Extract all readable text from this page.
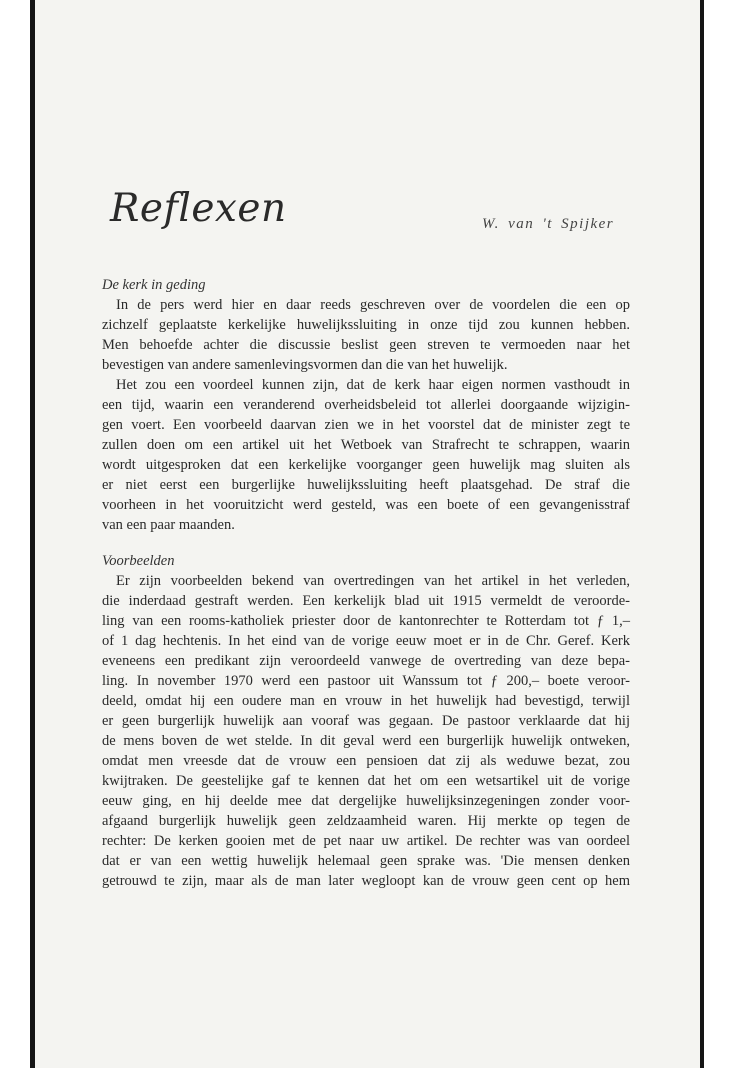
Reflexen	W. van 't Spijker

De kerk in geding

In de pers werd hier en daar reeds geschreven over de voordelen die een op
zichzelf geplaatste kerkelijke huwelijkssluiting in onze tijd zou kunnen hebben.
Men behoefde achter die discussie beslist geen streven te vermoeden naar het
bevestigen van andere samenlevingsvormen dan die van het huwelijk.
Het zou een voordeel kunnen zijn, dat de kerk haar eigen normen vasthoudt in
een tijd, waarin een veranderend overheidsbeleid tot allerlei doorgaande wijzigin-
gen voert. Een voorbeeld daarvan zien we in het voorstel dat de minister zegt te
zullen doen om een artikel uit het Wetboek van Strafrecht te schrappen, waarin
wordt uitgesproken dat een kerkelijke voorganger geen huwelijk mag sluiten als
er niet eerst een burgerlijke huwelijkssluiting heeft plaatsgehad. De straf die
voorheen in het vooruitzicht werd gesteld, was een boete of een gevangenisstraf
van een paar maanden.

Voorbeelden

Er zijn voorbeelden bekend van overtredingen van het artikel in het verleden,
die inderdaad gestraft werden. Een kerkelijk blad uit 1915 vermeldt de veroorde-
ling van een rooms-katholiek priester door de kantonrechter te Rotterdam tot ƒ 1,–
of 1 dag hechtenis. In het eind van de vorige eeuw moet er in de Chr. Geref. Kerk
eveneens een predikant zijn veroordeeld vanwege de overtreding van deze bepa-
ling. In november 1970 werd een pastoor uit Wanssum tot ƒ 200,– boete veroor-
deeld, omdat hij een oudere man en vrouw in het huwelijk had bevestigd, terwijl
er geen burgerlijk huwelijk aan vooraf was gegaan. De pastoor verklaarde dat hij
de mens boven de wet stelde. In dit geval werd een burgerlijk huwelijk ontweken,
omdat men vreesde dat de vrouw een pensioen dat zij als weduwe bezat, zou
kwijtraken. De geestelijke gaf te kennen dat het om een wetsartikel uit de vorige
eeuw ging, en hij deelde mee dat dergelijke huwelijksinzegeningen zonder voor-
afgaand burgerlijk huwelijk geen zeldzaamheid waren. Hij merkte op tegen de
rechter: De kerken gooien met de pet naar uw artikel. De rechter was van oordeel
dat er van een wettig huwelijk helemaal geen sprake was. 'Die mensen denken
getrouwd te zijn, maar als de man later wegloopt kan de vrouw geen cent op hem
